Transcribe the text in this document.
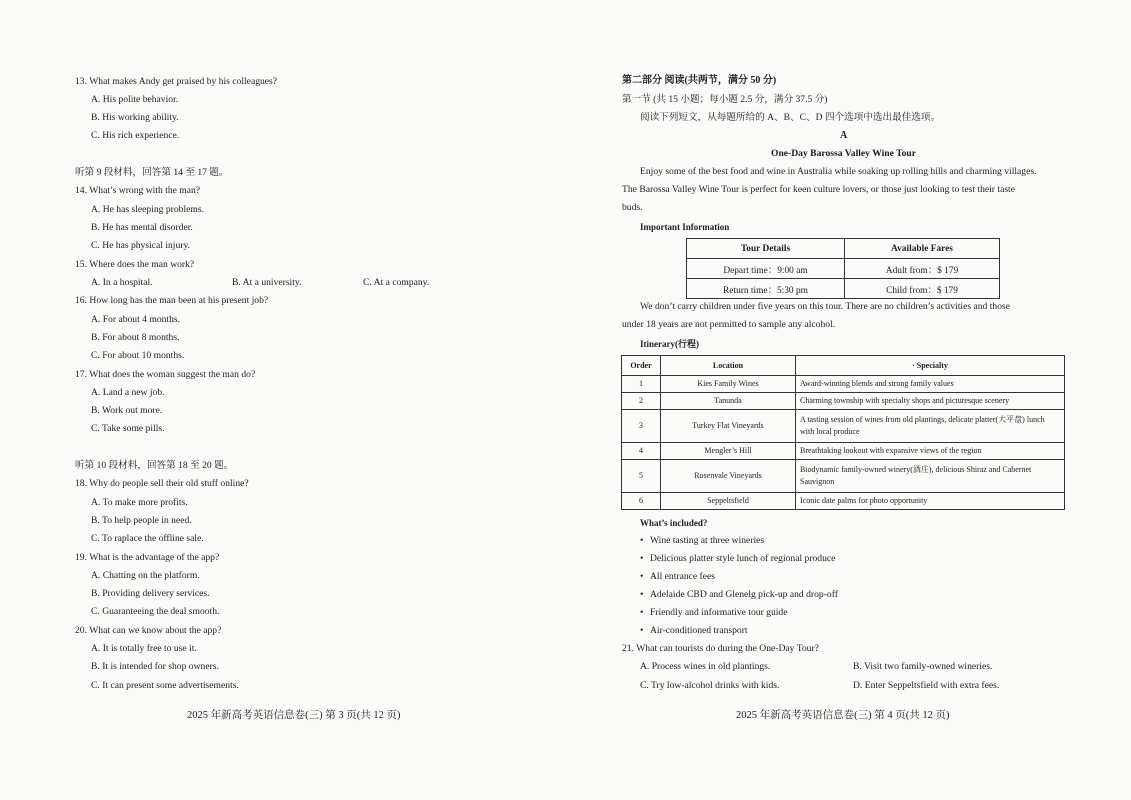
13. What makes Andy get praised by his colleagues?
A. His polite behavior.
B. His working ability.
C. His rich experience.
听第 9 段材料，回答第 14 至 17 题。
14. What’s wrong with the man?
A. He has sleeping problems.
B. He has mental disorder.
C. He has physical injury.
15. Where does the man work?
A. In a hospital.	B. At a university.	C. At a company.
16. How long has the man been at his present job?
A. For about 4 months.
B. For about 8 months.
C. For about 10 months.
17. What does the woman suggest the man do?
A. Land a new job.
B. Work out more.
C. Take some pills.
听第 10 段材料，回答第 18 至 20 题。
18. Why do people sell their old stuff online?
A. To make more profits.
B. To help people in need.
C. To raplace the offline sale.
19. What is the advantage of the app?
A. Chatting on the platform.
B. Providing delivery services.
C. Guaranteeing the deal smooth.
20. What can we know about the app?
A. It is totally free to use it.
B. It is intended for shop owners.
C. It can present some advertisements.
2025 年新高考英语信息卷(三) 第 3 页(共 12 页)
第二部分 阅读(共两节，满分 50 分)
第一节 (共 15 小题；每小题 2.5 分，满分 37.5 分)
阅读下列短文，从每题所给的 A、B、C、D 四个选项中选出最佳选项。
A
One-Day Barossa Valley Wine Tour
Enjoy some of the best food and wine in Australia while soaking up rolling hills and charming villages.
The Barossa Valley Wine Tour is perfect for keen culture lovers, or those just looking to test their taste
buds.
Important Information
Tour Details	Available Fares
Depart time：9:00 am	Adult from：$ 179
Return time：5:30 pm	Child from：$ 179
We don’t carry children under five years on this tour. There are no children’s activities and those
under 18 years are not permitted to sample any alcohol.
Itinerary(行程)
Order	Location	· Specialty
1	Kies Family Wines	Award-winning blends and strong family values
2	Tanunda	Charming township with specialty shops and picturesque scenery
3	Turkey Flat Vineyards	A tasting session of wines from old plantings, delicate platter(大平盘) lunch with local produce
4	Mengler’s Hill	Breathtaking lookout with expansive views of the region
5	Rosenvale Vineyards	Biodynamic family-owned winery(酒庄), delicious Shiraz and Cabernet Sauvignon
6	Seppeltsfield	Iconic date palms for photo opportunity
What’s included?
• Wine tasting at three wineries
• Delicious platter style lunch of regional produce
• All entrance fees
• Adelaide CBD and Glenelg pick-up and drop-off
• Friendly and informative tour guide
• Air-conditioned transport
21. What can tourists do during the One-Day Tour?
A. Process wines in old plantings.	B. Visit two family-owned wineries.
C. Try low-alcohol drinks with kids.	D. Enter Seppeltsfield with extra fees.
2025 年新高考英语信息卷(三) 第 4 页(共 12 页)
